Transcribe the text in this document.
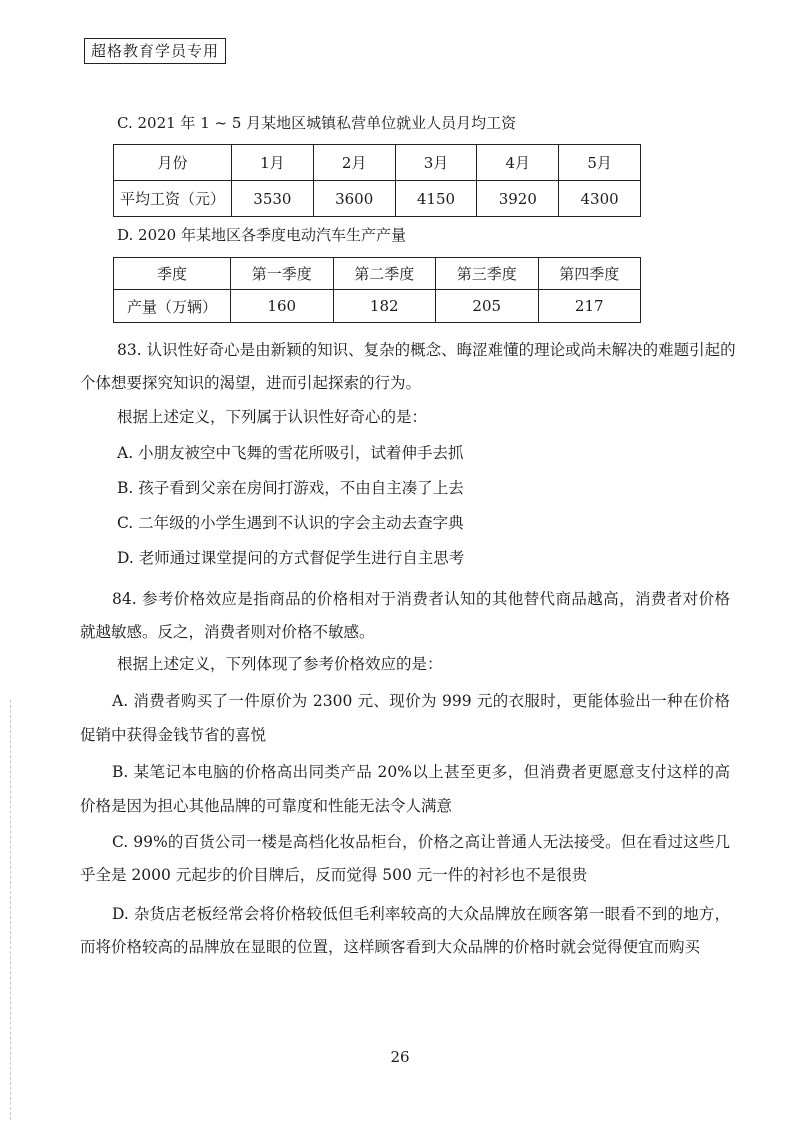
超格教育学员专用
C. 2021 年 1 ~ 5 月某地区城镇私营单位就业人员月均工资
月份	1月	2月	3月	4月	5月
平均工资（元）	3530	3600	4150	3920	4300
D. 2020 年某地区各季度电动汽车生产产量
季度	第一季度	第二季度	第三季度	第四季度
产量（万辆）	160	182	205	217
83. 认识性好奇心是由新颖的知识、复杂的概念、晦涩难懂的理论或尚未解决的难题引起的
个体想要探究知识的渴望，进而引起探索的行为。
根据上述定义，下列属于认识性好奇心的是：
A. 小朋友被空中飞舞的雪花所吸引，试着伸手去抓
B. 孩子看到父亲在房间打游戏，不由自主凑了上去
C. 二年级的小学生遇到不认识的字会主动去查字典
D. 老师通过课堂提问的方式督促学生进行自主思考
84. 参考价格效应是指商品的价格相对于消费者认知的其他替代商品越高，消费者对价格就越敏感。反之，消费者则对价格不敏感。
根据上述定义，下列体现了参考价格效应的是：
A. 消费者购买了一件原价为 2300 元、现价为 999 元的衣服时，更能体验出一种在价格促销中获得金钱节省的喜悦
B. 某笔记本电脑的价格高出同类产品 20%以上甚至更多，但消费者更愿意支付这样的高价格是因为担心其他品牌的可靠度和性能无法令人满意
C. 99%的百货公司一楼是高档化妆品柜台，价格之高让普通人无法接受。但在看过这些几乎全是 2000 元起步的价目牌后，反而觉得 500 元一件的衬衫也不是很贵
D. 杂货店老板经常会将价格较低但毛利率较高的大众品牌放在顾客第一眼看不到的地方，而将价格较高的品牌放在显眼的位置，这样顾客看到大众品牌的价格时就会觉得便宜而购买
26
